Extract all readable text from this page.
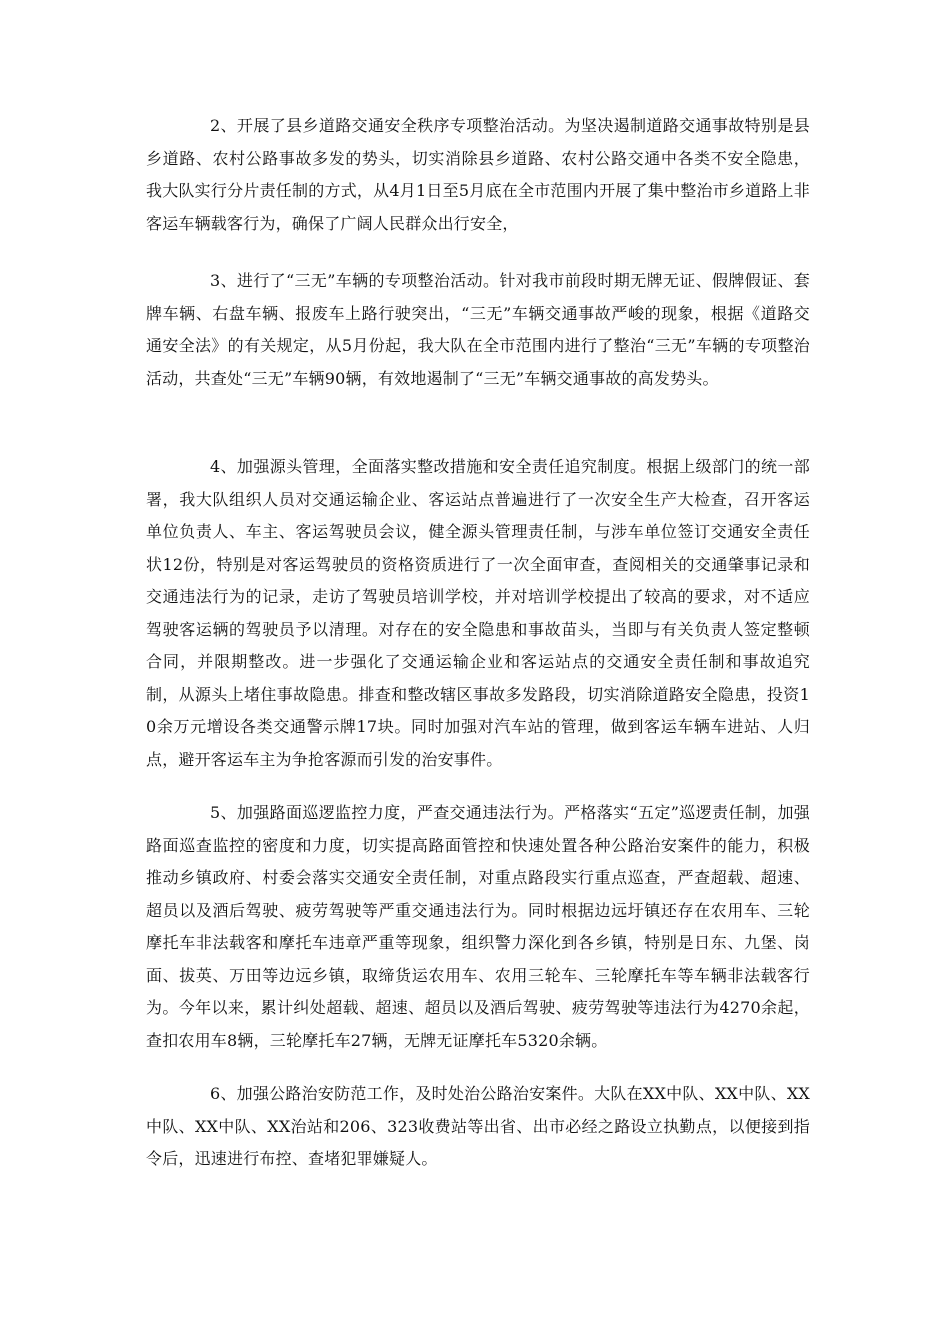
2、开展了县乡道路交通安全秩序专项整治活动。为坚决遏制道路交通事故特别是县乡道路、农村公路事故多发的势头，切实消除县乡道路、农村公路交通中各类不安全隐患，我大队实行分片责任制的方式，从4月1日至5月底在全市范围内开展了集中整治市乡道路上非客运车辆载客行为，确保了广阔人民群众出行安全，

3、进行了“三无”车辆的专项整治活动。针对我市前段时期无牌无证、假牌假证、套牌车辆、右盘车辆、报废车上路行驶突出，“三无”车辆交通事故严峻的现象，根据《道路交通安全法》的有关规定，从5月份起，我大队在全市范围内进行了整治“三无”车辆的专项整治活动，共查处“三无”车辆90辆，有效地遏制了“三无”车辆交通事故的高发势头。

4、加强源头管理，全面落实整改措施和安全责任追究制度。根据上级部门的统一部署，我大队组织人员对交通运输企业、客运站点普遍进行了一次安全生产大检查，召开客运单位负责人、车主、客运驾驶员会议，健全源头管理责任制，与涉车单位签订交通安全责任状12份，特别是对客运驾驶员的资格资质进行了一次全面审查，查阅相关的交通肇事记录和交通违法行为的记录，走访了驾驶员培训学校，并对培训学校提出了较高的要求，对不适应驾驶客运辆的驾驶员予以清理。对存在的安全隐患和事故苗头，当即与有关负责人签定整顿合同，并限期整改。进一步强化了交通运输企业和客运站点的交通安全责任制和事故追究制，从源头上堵住事故隐患。排查和整改辖区事故多发路段，切实消除道路安全隐患，投资10余万元增设各类交通警示牌17块。同时加强对汽车站的管理，做到客运车辆车进站、人归点，避开客运车主为争抢客源而引发的治安事件。

5、加强路面巡逻监控力度，严查交通违法行为。严格落实“五定”巡逻责任制，加强路面巡查监控的密度和力度，切实提高路面管控和快速处置各种公路治安案件的能力，积极推动乡镇政府、村委会落实交通安全责任制，对重点路段实行重点巡查，严查超载、超速、超员以及酒后驾驶、疲劳驾驶等严重交通违法行为。同时根据边远圩镇还存在农用车、三轮摩托车非法载客和摩托车违章严重等现象，组织警力深化到各乡镇，特别是日东、九堡、岗面、拔英、万田等边远乡镇，取缔货运农用车、农用三轮车、三轮摩托车等车辆非法载客行为。今年以来，累计纠处超载、超速、超员以及酒后驾驶、疲劳驾驶等违法行为4270余起，查扣农用车8辆，三轮摩托车27辆，无牌无证摩托车5320余辆。

6、加强公路治安防范工作，及时处治公路治安案件。大队在XX中队、XX中队、XX中队、XX中队、XX治站和206、323收费站等出省、出市必经之路设立执勤点，以便接到指令后，迅速进行布控、查堵犯罪嫌疑人。
